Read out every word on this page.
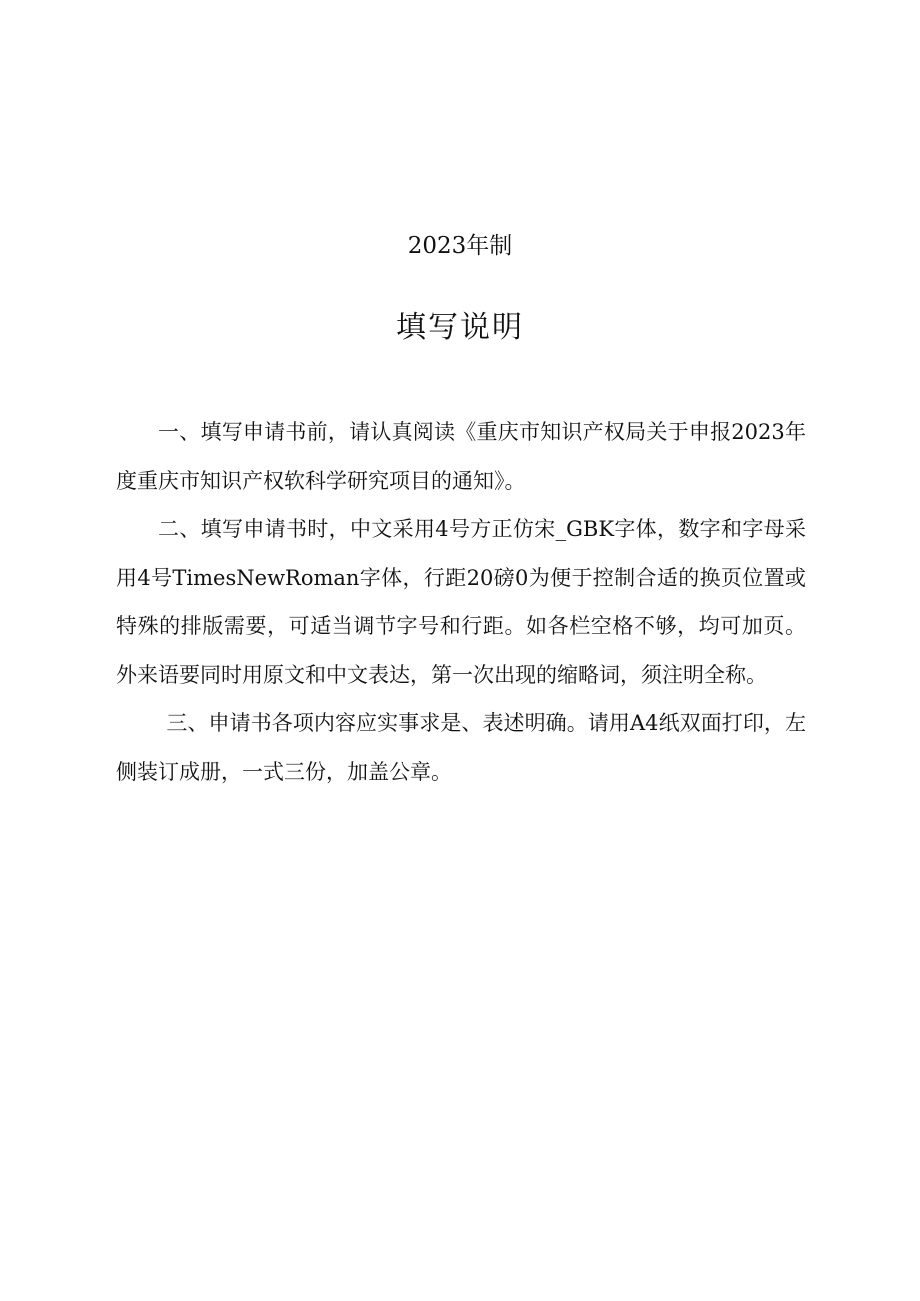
2023年制
填写说明

一、填写申请书前，请认真阅读《重庆市知识产权局关于申报2023年度重庆市知识产权软科学研究项目的通知》。

二、填写申请书时，中文采用4号方正仿宋_GBK字体，数字和字母采用4号TimesNewRoman字体，行距20磅0为便于控制合适的换页位置或特殊的排版需要，可适当调节字号和行距。如各栏空格不够，均可加页。外来语要同时用原文和中文表达，第一次出现的缩略词，须注明全称。

三、申请书各项内容应实事求是、表述明确。请用A4纸双面打印，左侧装订成册，一式三份，加盖公章。
